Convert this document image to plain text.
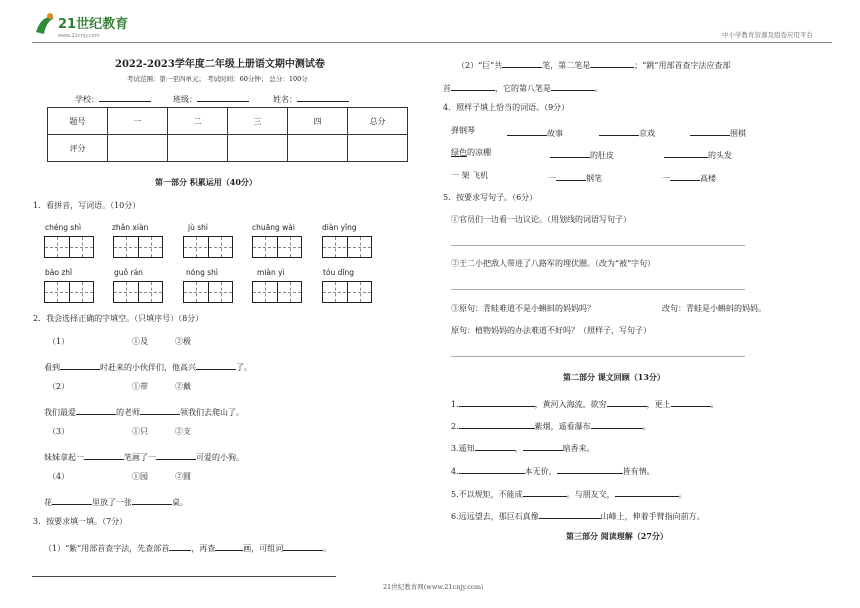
21世纪教育
www.21cnjy.com	中小学教育资源及组卷应用平台
2022-2023学年度二年级上册语文期中测试卷
考试范围：第一至四单元； 考试时间：60分钟； 总分：100分
学校：	班级：	姓名：
题号	一	二	三	四	总分
评分					
第一部分 积累运用（40分）
1．看拼音，写词语。（10分）
chéng shì	zhǎn xiàn	jù shì	chuāng wài	diàn yǐng
bào zhǐ	guǒ rán	nóng shì	miàn yì	tóu dǐng
2．我会选择正确的字填空。（只填序号）（8分）
（1）	①及	②极
看到	时赶来的小伙伴们，他高兴	了。
（2）	①带	②戴
我们最爱	的老师	领我们去爬山了。
（3）	①只	②支
妹妹拿起一	笔画了一	可爱的小狗。
（4）	①园	②圆
花	里放了一张	桌。
3．按要求填一填。（7分）
（1）“紫”用部首查字法，先查部首	，再查	画，可组词	。
21世纪教育网(www.21cnjy.com)
（2）“巨”共	笔，第二笔是	；“跳”用部首查字法应查部
首	，它的第八笔是	。
4．照样子填上恰当的词语。（9分）
弹钢琴	故事	京戏	围棋
绿色的凉棚	的肚皮	的头发
一 架 飞机	一	钢笔	一	高楼
5．按要求写句子。（6分）
①官员们一边看一边议论。（用划线的词语写句子）
②王二小把敌人带进了八路军的埋伏圈。（改为“被”字句）
③原句：青蛙难道不是小蝌蚪的妈妈吗？	改句：青蛙是小蝌蚪的妈妈。
原句：植物妈妈的办法难道不好吗？（照样子，写句子）
第二部分 课文回顾（13分）
1.	，黄河入海流。欲穷	，更上	。
2.	紫烟，遥看瀑布	。
3.遥知	，	暗香来。
4.	本无价，	皆有情。
5.不以规矩，不能成	。与朋友交，	。
6.远远望去，那巨石真像	山峰上，伸着手臂指向前方。
第三部分 阅读理解（27分）
